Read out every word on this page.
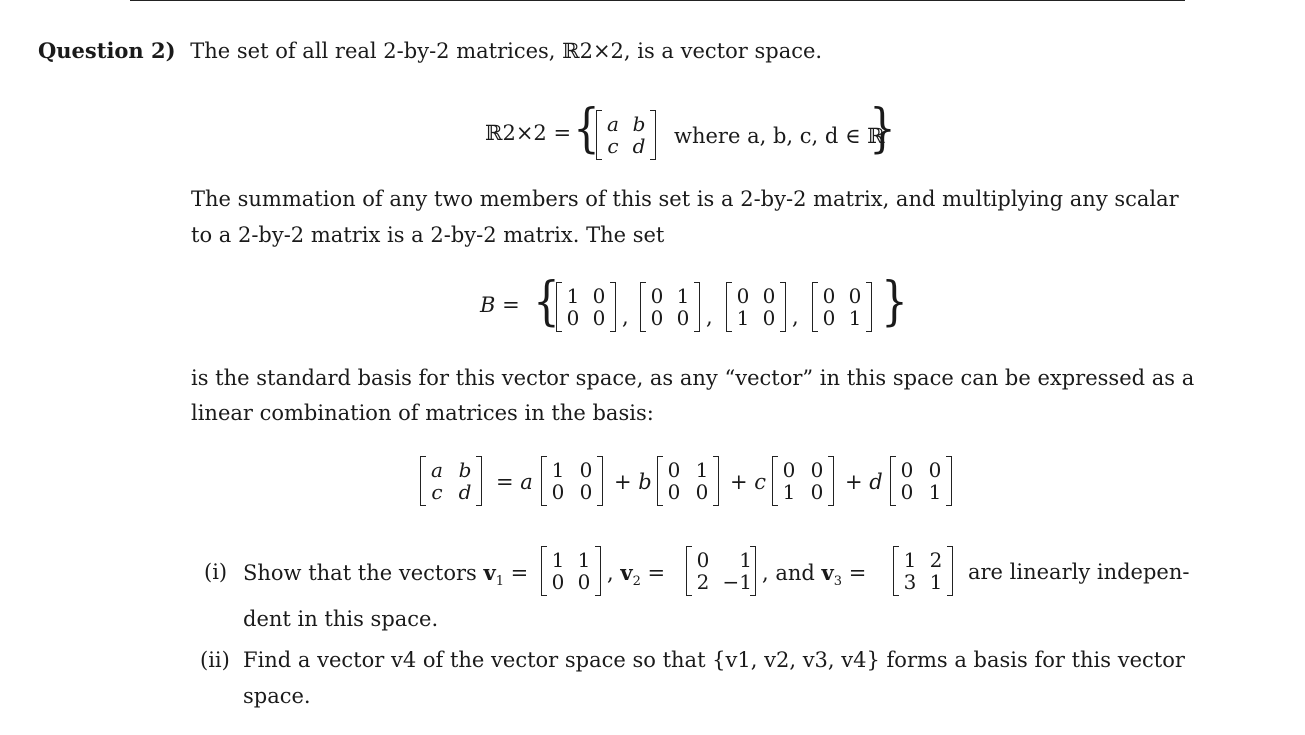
Question 2) The set of all real 2-by-2 matrices, ℝ2×2, is a vector space.
ℝ2×2 = { a b
c d where a, b, c, d ∈ ℝ
}
The summation of any two members of this set is a 2-by-2 matrix, and multiplying any scalar
to a 2-by-2 matrix is a 2-by-2 matrix. The set
B = { 1 0
0 0 ,
0 1
0 0 ,
0 0
1 0 ,
0 0
0 1 }
is the standard basis for this vector space, as any “vector” in this space can be expressed as a
linear combination of matrices in the basis:
a b
c d = a 1 0
0 0 + b 0 1
0 0 + c 0 0
1 0 + d 0 0
0 1
(i) Show that the vectors $v_1$ =
1 1
0 0 , $v_2$ =
0	1
2 −1 , and $v_3$ =
1 2
3 1 are linearly indepen-
dent in this space.
(ii) Find a vector v4 of the vector space so that {v1, v2, v3, v4} forms a basis for this vector
space.
